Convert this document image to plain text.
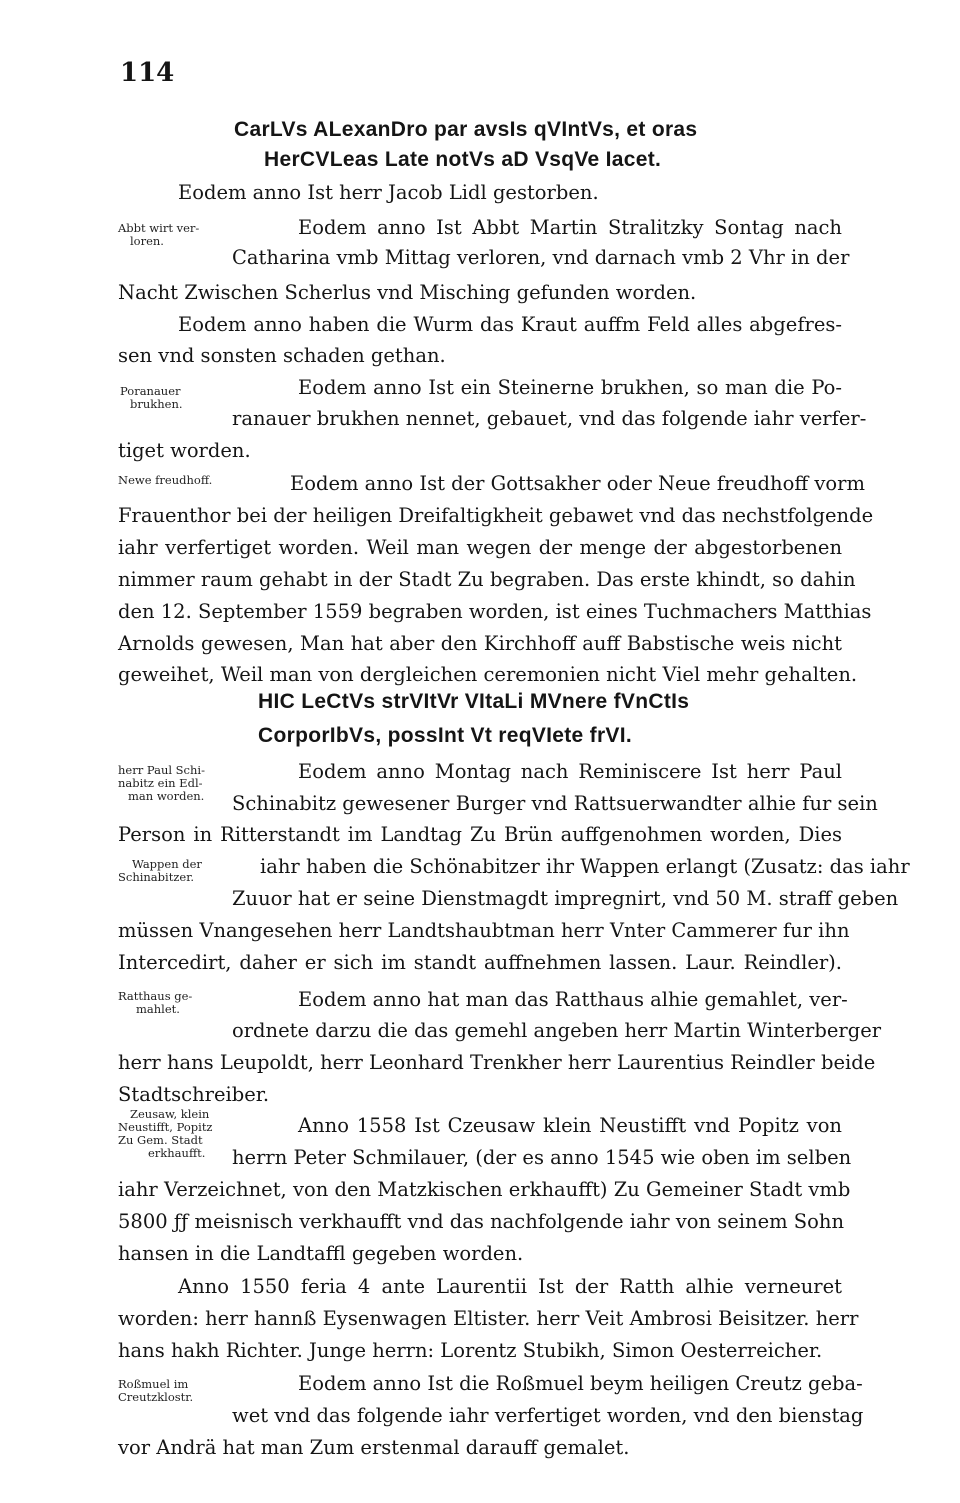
114
CarLVs ALexanDro par avsIs qVIntVs, et oras
HerCVLeas Late notVs aD VsqVe Iacet.
Eodem anno Ist herr Jacob Lidl gestorben.
Eodem anno Ist Abbt Martin Stralitzky Sontag nach
Catharina vmb Mittag verloren, vnd darnach vmb 2 Vhr in der
Nacht Zwischen Scherlus vnd Misching gefunden worden.
Eodem anno haben die Wurm das Kraut auffm Feld alles abgefres-
sen vnd sonsten schaden gethan.
Eodem anno Ist ein Steinerne brukhen, so man die Po-
ranauer brukhen nennet, gebauet, vnd das folgende iahr verfer-
tiget worden.
Eodem anno Ist der Gottsakher oder Neue freudhoff vorm
Frauenthor bei der heiligen Dreifaltigkheit gebawet vnd das nechstfolgende
iahr verfertiget worden. Weil man wegen der menge der abgestorbenen
nimmer raum gehabt in der Stadt Zu begraben. Das erste khindt, so dahin
den 12. September 1559 begraben worden, ist eines Tuchmachers Matthias
Arnolds gewesen, Man hat aber den Kirchhoff auff Babstische weis nicht
geweihet, Weil man von dergleichen ceremonien nicht Viel mehr gehalten.
HIC LeCtVs strVItVr VItaLi MVnere fVnCtIs
CorporIbVs, possInt Vt reqVIete frVI.
Eodem anno Montag nach Reminiscere Ist herr Paul
Schinabitz gewesener Burger vnd Rattsuerwandter alhie fur sein
Person in Ritterstandt im Landtag Zu Brün auffgenohmen worden, Dies
iahr haben die Schönabitzer ihr Wappen erlangt (Zusatz: das iahr
Zuuor hat er seine Dienstmagdt impregnirt, vnd 50 M. straff geben
müssen Vnangesehen herr Landtshaubtman herr Vnter Cammerer fur ihn
Intercedirt, daher er sich im standt auffnehmen lassen. Laur. Reindler).
Eodem anno hat man das Ratthaus alhie gemahlet, ver-
ordnete darzu die das gemehl angeben herr Martin Winterberger
herr hans Leupoldt, herr Leonhard Trenkher herr Laurentius Reindler beide
Stadtschreiber.
Anno 1558 Ist Czeusaw klein Neustifft vnd Popitz von
herrn Peter Schmilauer, (der es anno 1545 wie oben im selben
iahr Verzeichnet, von den Matzkischen erkhaufft) Zu Gemeiner Stadt vmb
5800 ƒƒ meisnisch verkhaufft vnd das nachfolgende iahr von seinem Sohn
hansen in die Landtaffl gegeben worden.
Anno 1550 feria 4 ante Laurentii Ist der Ratth alhie verneuret
worden: herr hannß Eysenwagen Eltister. herr Veit Ambrosi Beisitzer. herr
hans hakh Richter. Junge herrn: Lorentz Stubikh, Simon Oesterreicher.
Eodem anno Ist die Roßmuel beym heiligen Creutz geba-
wet vnd das folgende iahr verfertiget worden, vnd den bienstag
vor Andrä hat man Zum erstenmal darauff gemalet.
Abbt wirt ver-
loren.
Poranauer
brukhen.
Newe freudhoff.
herr Paul Schi-
nabitz ein Edl-
man worden.
Wappen der
Schinabitzer.
Ratthaus ge-
mahlet.
Zeusaw, klein
Neustifft, Popitz
Zu Gem. Stadt
erkhaufft.
Roßmuel im
Creutzklostr.
